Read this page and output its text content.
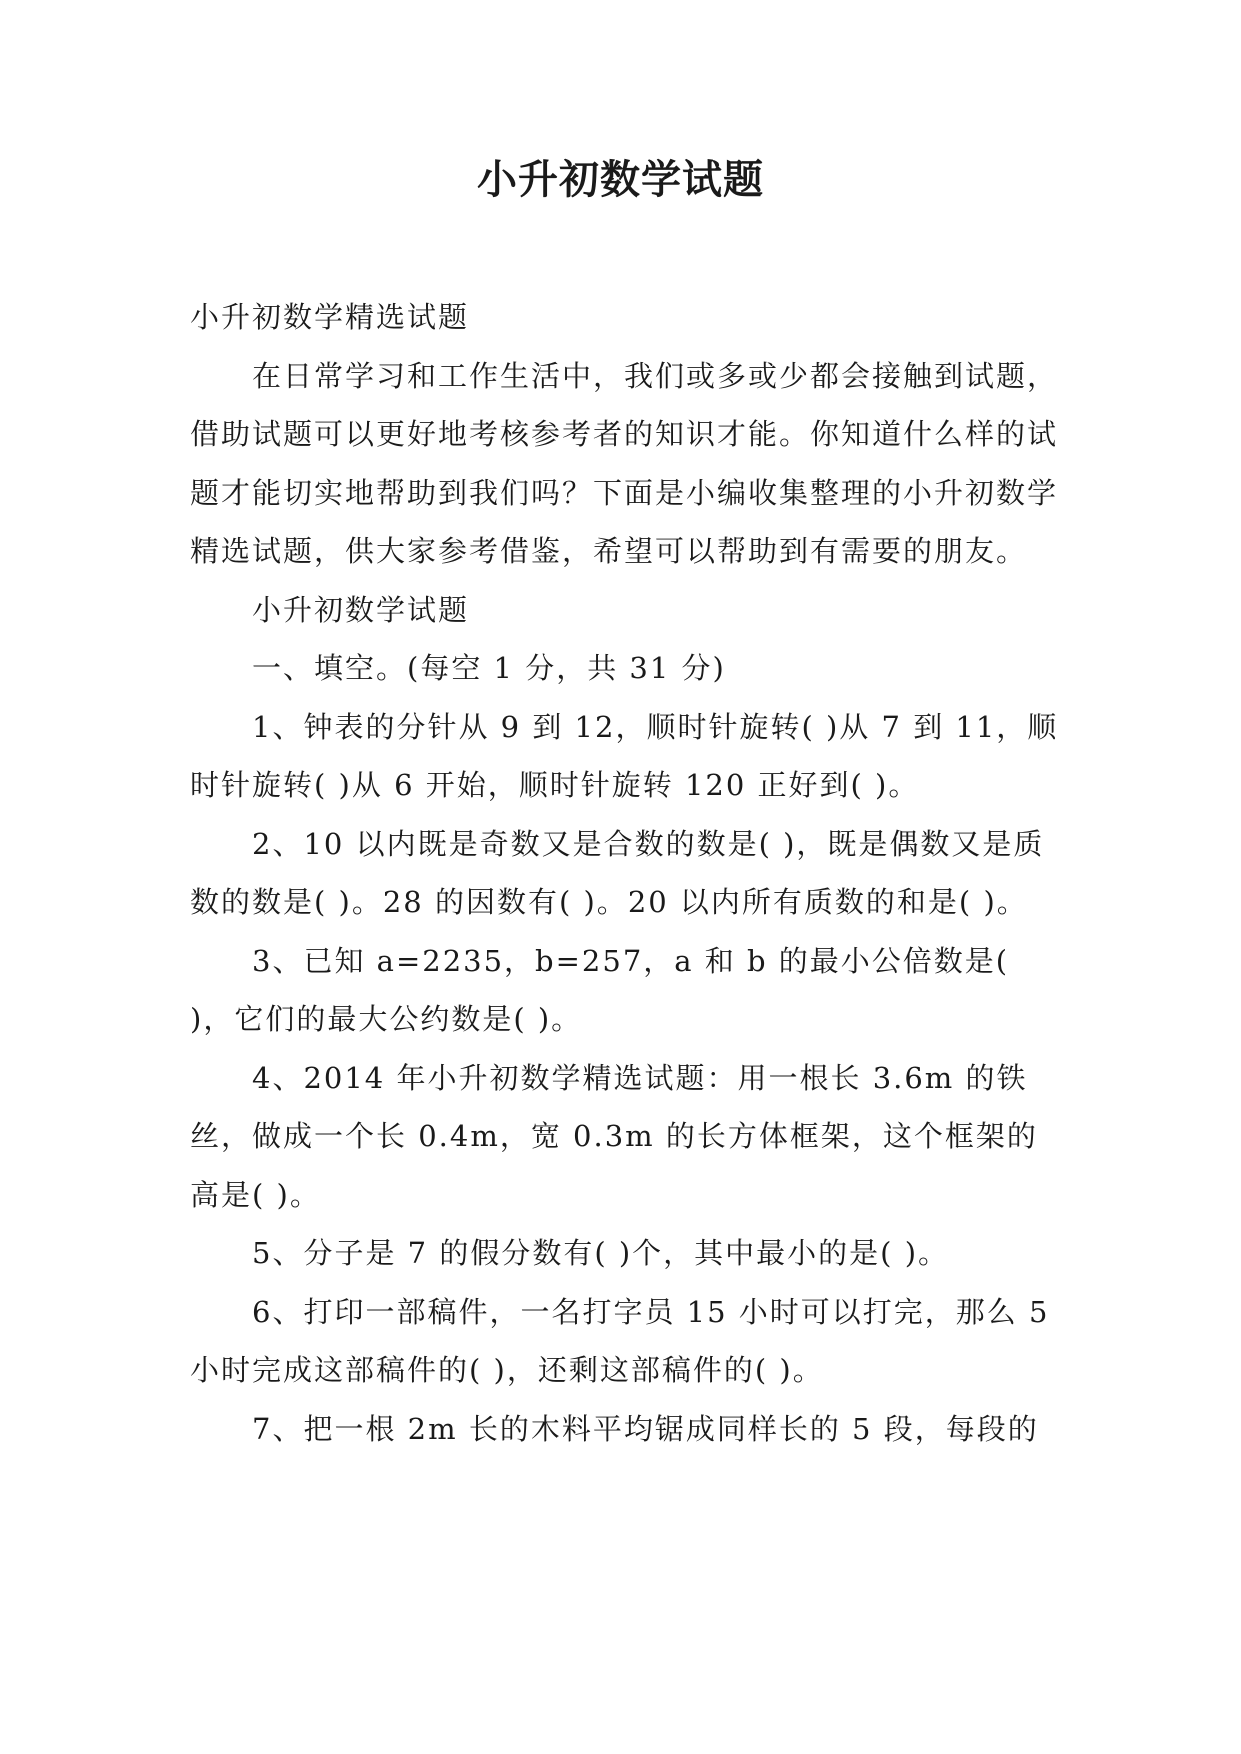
小升初数学试题

小升初数学精选试题

在日常学习和工作生活中，我们或多或少都会接触到试题，借助试题可以更好地考核参考者的知识才能。你知道什么样的试题才能切实地帮助到我们吗？下面是小编收集整理的小升初数学精选试题，供大家参考借鉴，希望可以帮助到有需要的朋友。

小升初数学试题

一、填空。(每空 1 分，共 31 分)

1、钟表的分针从 9 到 12，顺时针旋转( )从 7 到 11，顺时针旋转( )从 6 开始，顺时针旋转 120 正好到( )。

2、10 以内既是奇数又是合数的数是( )，既是偶数又是质数的数是( )。28 的因数有( )。20 以内所有质数的和是( )。

3、已知 a=2235，b=257，a 和 b 的最小公倍数是( )，它们的最大公约数是( )。

4、2014 年小升初数学精选试题：用一根长 3.6m 的铁丝，做成一个长 0.4m，宽 0.3m 的长方体框架，这个框架的高是( )。

5、分子是 7 的假分数有( )个，其中最小的是( )。

6、打印一部稿件，一名打字员 15 小时可以打完，那么 5 小时完成这部稿件的( )，还剩这部稿件的( )。

7、把一根 2m 长的木料平均锯成同样长的 5 段，每段的
